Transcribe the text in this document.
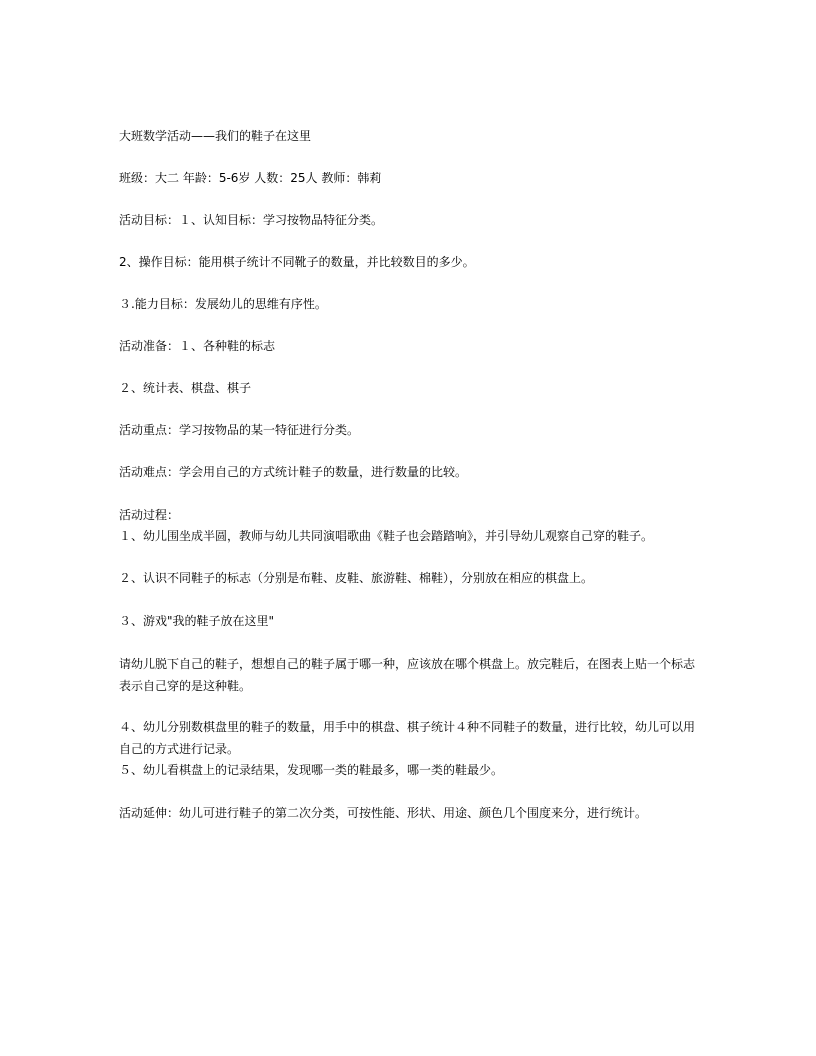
大班数学活动——我们的鞋子在这里
班级：大二 年龄：5-6岁 人数：25人 教师：韩莉
活动目标：１、认知目标：学习按物品特征分类。
2、操作目标：能用棋子统计不同靴子的数量，并比较数目的多少。
３.能力目标：发展幼儿的思维有序性。
活动准备：１、各种鞋的标志
２、统计表、棋盘、棋子
活动重点：学习按物品的某一特征进行分类。
活动难点：学会用自己的方式统计鞋子的数量，进行数量的比较。
活动过程：
１、幼儿围坐成半圆，教师与幼儿共同演唱歌曲《鞋子也会踏踏响》，并引导幼儿观察自己穿的鞋子。
２、认识不同鞋子的标志（分别是布鞋、皮鞋、旅游鞋、棉鞋），分别放在相应的棋盘上。
３、游戏"我的鞋子放在这里"
请幼儿脱下自己的鞋子，想想自己的鞋子属于哪一种，应该放在哪个棋盘上。放完鞋后，在图表上贴一个标志
表示自己穿的是这种鞋。
４、幼儿分别数棋盘里的鞋子的数量，用手中的棋盘、棋子统计４种不同鞋子的数量，进行比较，幼儿可以用
自己的方式进行记录。
５、幼儿看棋盘上的记录结果，发现哪一类的鞋最多，哪一类的鞋最少。
活动延伸：幼儿可进行鞋子的第二次分类，可按性能、形状、用途、颜色几个围度来分，进行统计。
